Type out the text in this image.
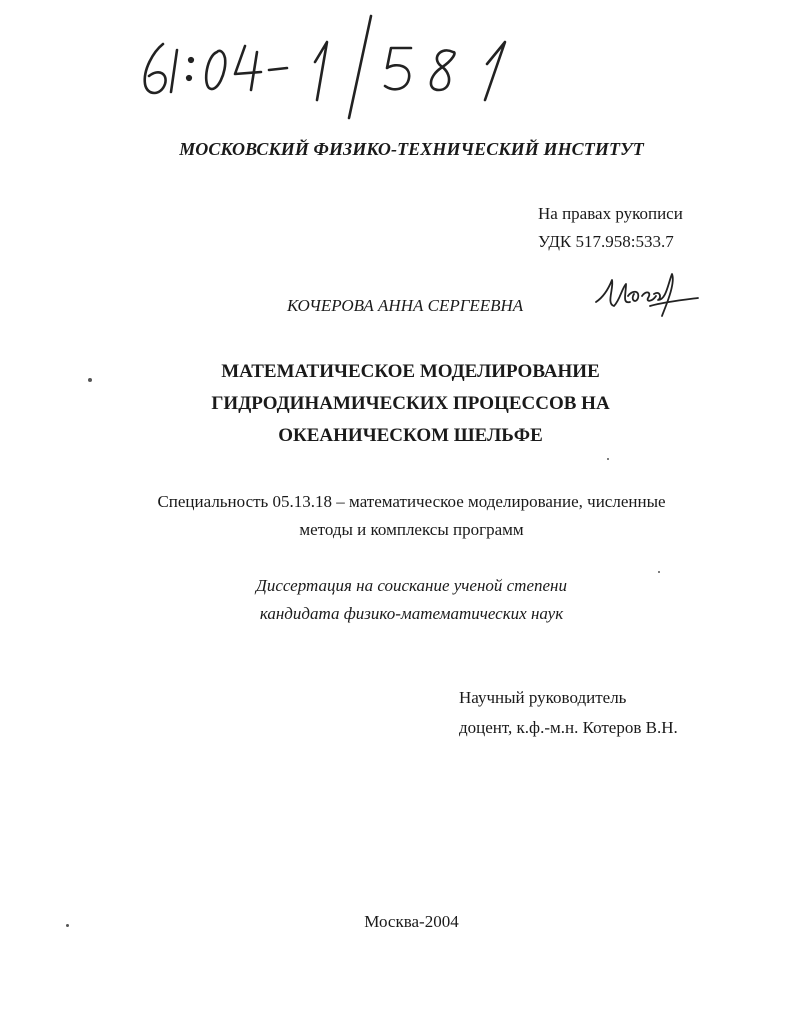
МОСКОВСКИЙ ФИЗИКО-ТЕХНИЧЕСКИЙ ИНСТИТУТ
На правах рукописи
УДК 517.958:533.7
КОЧЕРОВА АННА СЕРГЕЕВНА
МАТЕМАТИЧЕСКОЕ МОДЕЛИРОВАНИЕ
ГИДРОДИНАМИЧЕСКИХ ПРОЦЕССОВ НА
ОКЕАНИЧЕСКОМ ШЕЛЬФЕ
Специальность 05.13.18 – математическое моделирование, численные
методы и комплексы программ
Диссертация на соискание ученой степени
кандидата физико-математических наук
Научный руководитель
доцент, к.ф.-м.н. Котеров В.Н.
Москва-2004
